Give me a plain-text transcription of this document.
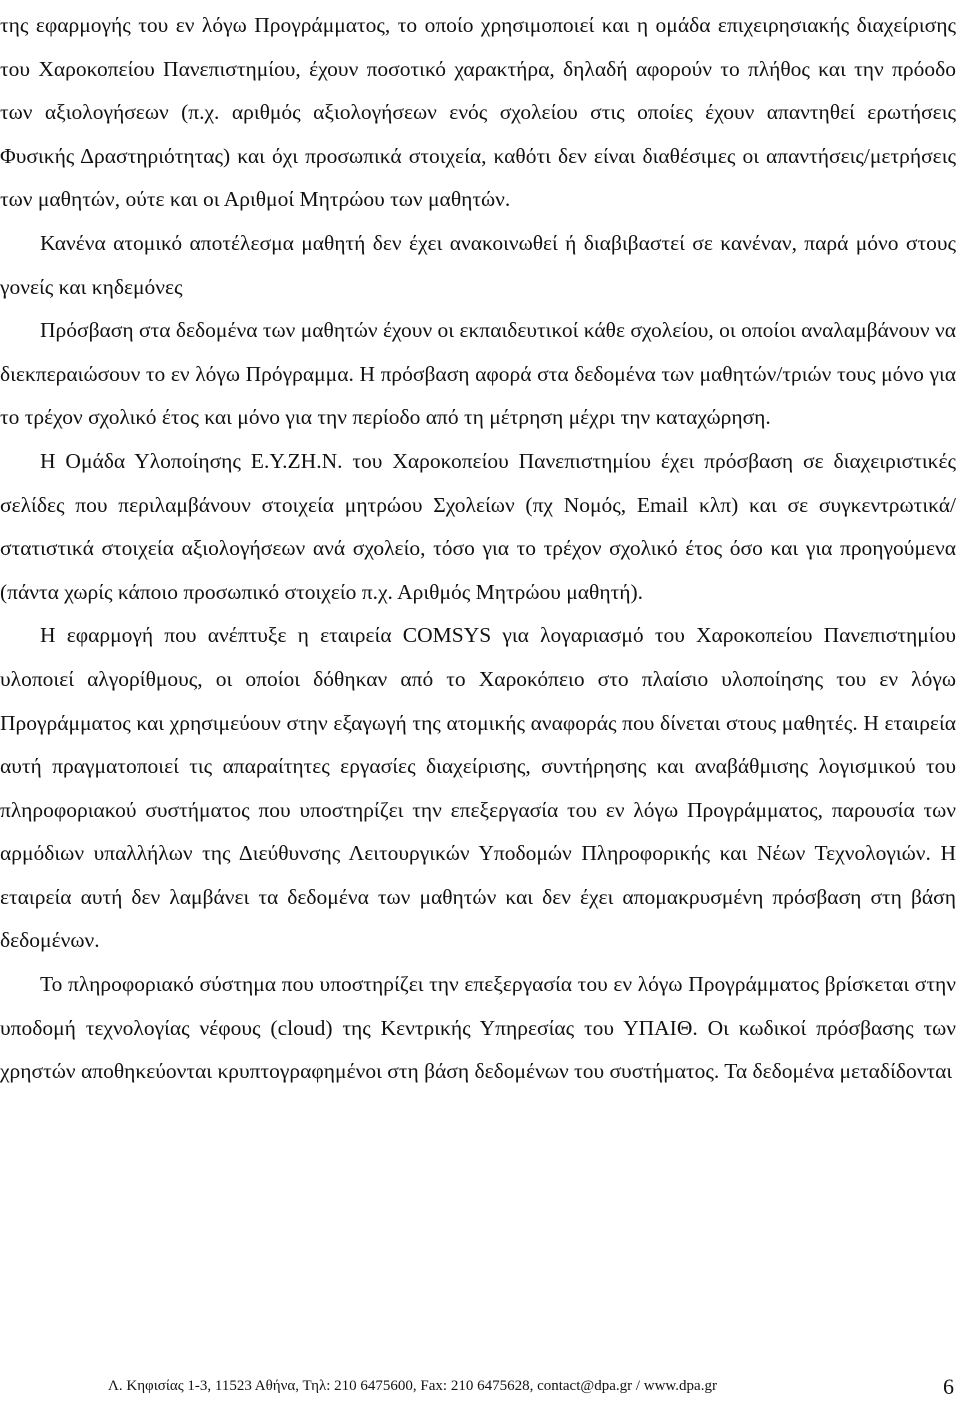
της εφαρμογής του εν λόγω Προγράμματος, το οποίο χρησιμοποιεί και η ομάδα επιχειρησιακής διαχείρισης του Χαροκοπείου Πανεπιστημίου, έχουν ποσοτικό χαρακτήρα, δηλαδή αφορούν το πλήθος και την πρόοδο των αξιολογήσεων (π.χ. αριθμός αξιολογήσεων ενός σχολείου στις οποίες έχουν απαντηθεί ερωτήσεις Φυσικής Δραστηριότητας) και όχι προσωπικά στοιχεία, καθότι δεν είναι διαθέσιμες οι απαντήσεις/μετρήσεις των μαθητών, ούτε και οι Αριθμοί Μητρώου των μαθητών.

Κανένα ατομικό αποτέλεσμα μαθητή δεν έχει ανακοινωθεί ή διαβιβαστεί σε κανέναν, παρά μόνο στους γονείς και κηδεμόνες

Πρόσβαση στα δεδομένα των μαθητών έχουν οι εκπαιδευτικοί κάθε σχολείου, οι οποίοι αναλαμβάνουν να διεκπεραιώσουν το εν λόγω Πρόγραμμα. Η πρόσβαση αφορά στα δεδομένα των μαθητών/τριών τους μόνο για το τρέχον σχολικό έτος και μόνο για την περίοδο από τη μέτρηση μέχρι την καταχώρηση.

Η Ομάδα Υλοποίησης Ε.Υ.ΖΗ.Ν. του Χαροκοπείου Πανεπιστημίου έχει πρόσβαση σε διαχειριστικές σελίδες που περιλαμβάνουν στοιχεία μητρώου Σχολείων (πχ Νομός, Email κλπ) και σε συγκεντρωτικά/στατιστικά στοιχεία αξιολογήσεων ανά σχολείο, τόσο για το τρέχον σχολικό έτος όσο και για προηγούμενα (πάντα χωρίς κάποιο προσωπικό στοιχείο π.χ. Αριθμός Μητρώου μαθητή).

Η εφαρμογή που ανέπτυξε η εταιρεία COMSYS για λογαριασμό του Χαροκοπείου Πανεπιστημίου υλοποιεί αλγορίθμους, οι οποίοι δόθηκαν από το Χαροκόπειο στο πλαίσιο υλοποίησης του εν λόγω Προγράμματος και χρησιμεύουν στην εξαγωγή της ατομικής αναφοράς που δίνεται στους μαθητές. Η εταιρεία αυτή πραγματοποιεί τις απαραίτητες εργασίες διαχείρισης, συντήρησης και αναβάθμισης λογισμικού του πληροφοριακού συστήματος που υποστηρίζει την επεξεργασία του εν λόγω Προγράμματος, παρουσία των αρμόδιων υπαλλήλων της Διεύθυνσης Λειτουργικών Υποδομών Πληροφορικής και Νέων Τεχνολογιών. Η εταιρεία αυτή δεν λαμβάνει τα δεδομένα των μαθητών και δεν έχει απομακρυσμένη πρόσβαση στη βάση δεδομένων.

Το πληροφοριακό σύστημα που υποστηρίζει την επεξεργασία του εν λόγω Προγράμματος βρίσκεται στην υποδομή τεχνολογίας νέφους (cloud) της Κεντρικής Υπηρεσίας του ΥΠΑΙΘ. Οι κωδικοί πρόσβασης των χρηστών αποθηκεύονται κρυπτογραφημένοι στη βάση δεδομένων του συστήματος. Τα δεδομένα μεταδίδονται

Λ. Κηφισίας 1-3, 11523 Αθήνα, Τηλ: 210 6475600, Fax: 210 6475628, contact@dpa.gr / www.dpa.gr	6
